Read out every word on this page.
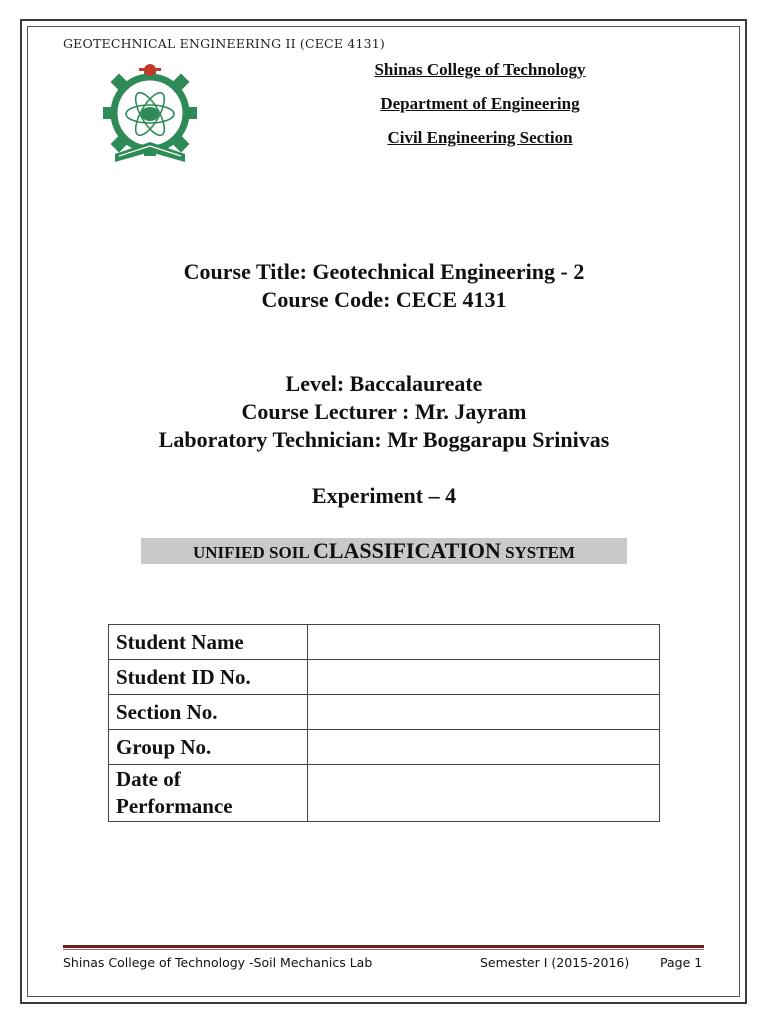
GEOTECHNICAL ENGINEERING II (CECE 4131)
Shinas College of Technology
Department of Engineering
Civil Engineering Section
Course Title: Geotechnical Engineering - 2
Course Code: CECE 4131
Level: Baccalaureate
Course Lecturer : Mr. Jayram
Laboratory Technician: Mr Boggarapu Srinivas
Experiment – 4
UNIFIED SOIL CLASSIFICATION SYSTEM
Student Name	
Student ID No.	
Section No.	
Group No.	

Date of
Performance	

Shinas College of Technology -Soil Mechanics Lab	Semester I (2015-2016) Page 1
